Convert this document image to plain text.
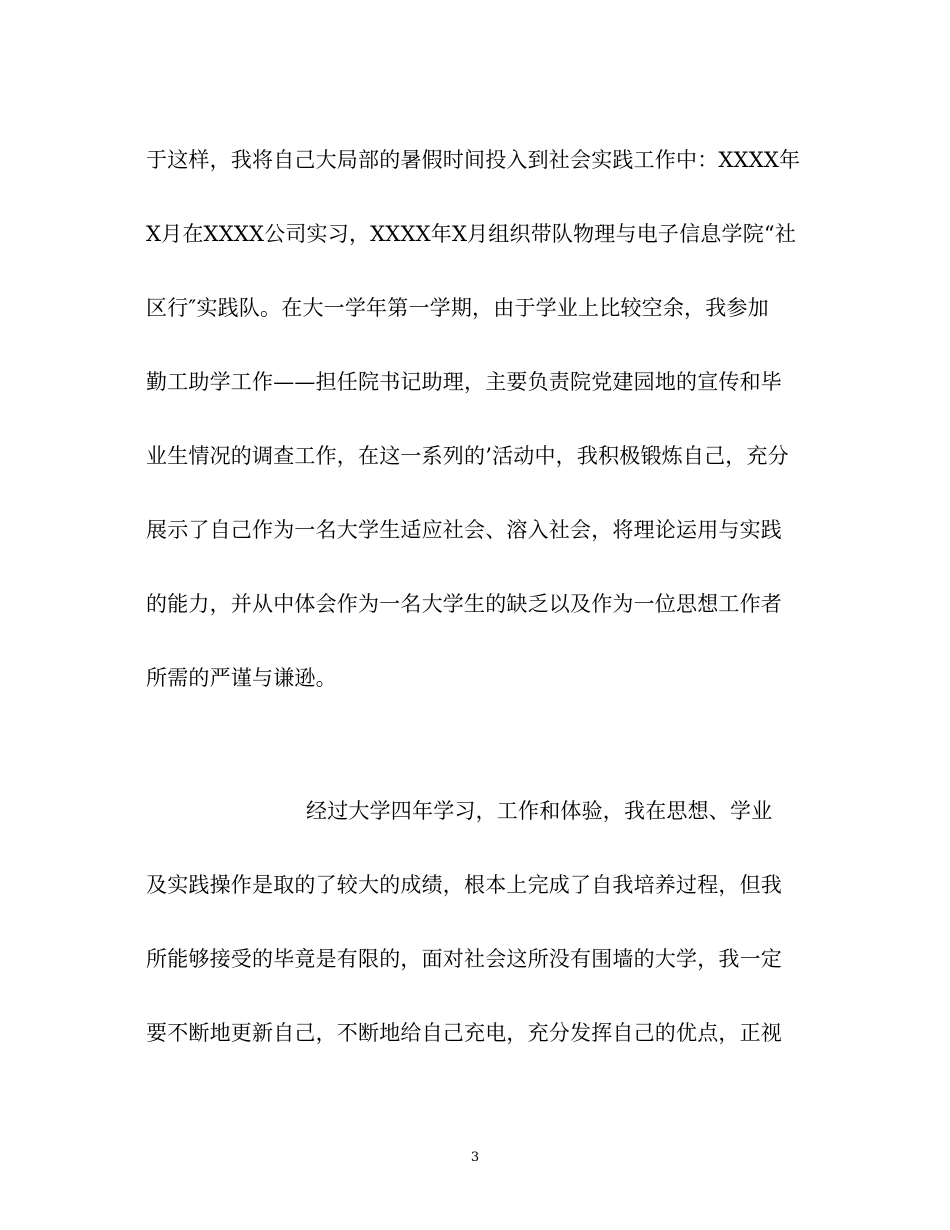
于这样，我将自己大局部的暑假时间投入到社会实践工作中：XXXX年
X月在XXXX公司实习，XXXX年X月组织带队物理与电子信息学院“社
区行″实践队。在大一学年第一学期，由于学业上比较空余，我参加
勤工助学工作——担任院书记助理，主要负责院党建园地的宣传和毕
业生情况的调查工作，在这一系列的’活动中，我积极锻炼自己，充分
展示了自己作为一名大学生适应社会、溶入社会，将理论运用与实践
的能力，并从中体会作为一名大学生的缺乏以及作为一位思想工作者
所需的严谨与谦逊。
经过大学四年学习，工作和体验，我在思想、学业
及实践操作是取的了较大的成绩，根本上完成了自我培养过程，但我
所能够接受的毕竟是有限的，面对社会这所没有围墙的大学，我一定
要不断地更新自己，不断地给自己充电，充分发挥自己的优点，正视
3
